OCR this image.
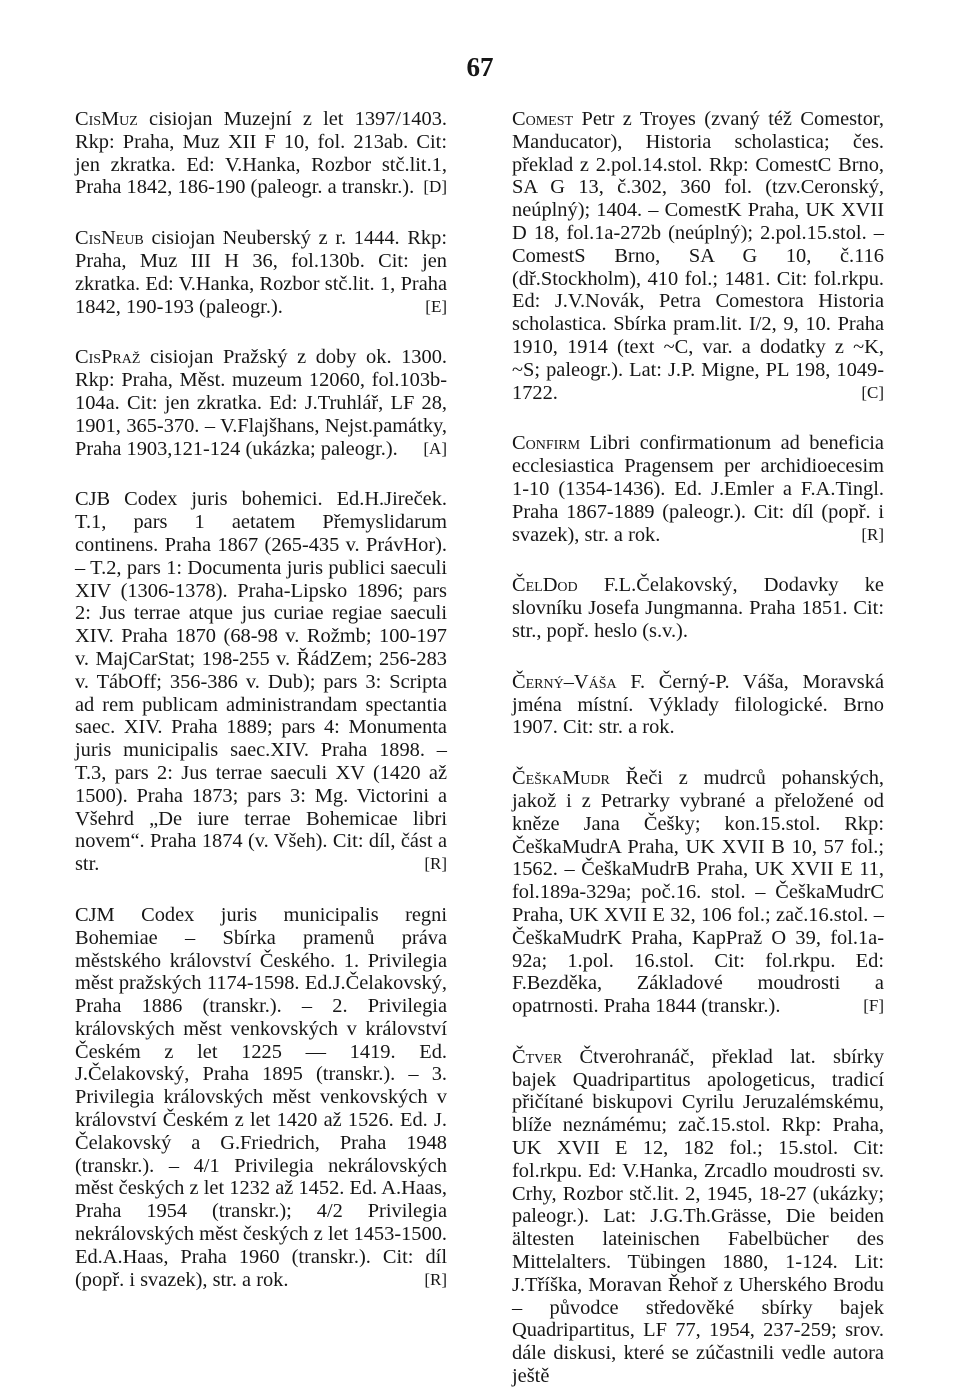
67

CisMuz cisiojan Muzejní z let 1397/1403. Rkp: Praha, Muz XII F 10, fol. 213ab. Cit: jen zkratka. Ed: V.Hanka, Rozbor stč.lit.1, Praha 1842, 186-190 (paleogr. a transkr.). [D]

CisNeub cisiojan Neuberský z r. 1444. Rkp: Praha, Muz III H 36, fol.130b. Cit: jen zkratka. Ed: V.Hanka, Rozbor stč.lit. 1, Praha 1842, 190-193 (paleogr.).	[E]

CisPraž cisiojan Pražský z doby ok. 1300. Rkp: Praha, Měst. muzeum 12060, fol.103b-104a. Cit: jen zkratka. Ed: J.Truhlář, LF 28, 1901, 365-370. – V.Flajšhans, Nejst.památky, Praha 1903,121-124 (ukázka; paleogr.).	[A]

CJB Codex juris bohemici. Ed.H.Jireček. T.1, pars 1 aetatem Přemyslidarum continens. Praha 1867 (265-435 v. PrávHor). – T.2, pars 1: Documenta juris publici saeculi XIV (1306-1378). Praha-Lipsko 1896; pars 2: Jus terrae atque jus curiae regiae saeculi XIV. Praha 1870 (68-98 v. Rožmb; 100-197 v. MajCarStat; 198-255 v. ŘádZem; 256-283 v. TábOff; 356-386 v. Dub); pars 3: Scripta ad rem publicam administrandam spectantia saec. XIV. Praha 1889; pars 4: Monumenta juris municipalis saec.XIV. Praha 1898. – T.3, pars 2: Jus terrae saeculi XV (1420 až 1500). Praha 1873; pars 3: Mg. Victorini a Všehrd „De iure terrae Bohemicae libri novem“. Praha 1874 (v. Všeh). Cit: díl, část a str.	[R]

CJM Codex juris municipalis regni Bohemiae – Sbírka pramenů práva městského království Českého. 1. Privilegia měst pražských 1174-1598. Ed.J.Čelakovský, Praha 1886 (transkr.). – 2. Privilegia královských měst venkovských v království Českém z let 1225 — 1419. Ed. J.Čelakovský, Praha 1895 (transkr.). – 3. Privilegia královských měst venkovských v království Českém z let 1420 až 1526. Ed. J. Čelakovský a G.Friedrich, Praha 1948 (transkr.). – 4/1 Privilegia nekrálovských měst českých z let 1232 až 1452. Ed. A.Haas, Praha 1954 (transkr.); 4/2 Privilegia nekrálovských měst českých z let 1453-1500. Ed.A.Haas, Praha 1960 (transkr.). Cit: díl (popř. i svazek), str. a rok.	[R]

Comest Petr z Troyes (zvaný též Comestor, Manducator), Historia scholastica; čes. překlad z 2.pol.14.stol. Rkp: ComestC Brno, SA G 13, č.302, 360 fol. (tzv.Ceronský, neúplný); 1404. – ComestK Praha, UK XVII D 18, fol.1a-272b (neúplný); 2.pol.15.stol. – ComestS Brno, SA G 10, č.116 (dř.Stockholm), 410 fol.; 1481. Cit: fol.rkpu. Ed: J.V.Novák, Petra Comestora Historia scholastica. Sbírka pram.lit. I/2, 9, 10. Praha 1910, 1914 (text ~C, var. a dodatky z ~K, ~S; paleogr.). Lat: J.P. Migne, PL 198, 1049-1722.	[C]

Confirm Libri confirmationum ad beneficia ecclesiastica Pragensem per archidioecesim 1-10 (1354-1436). Ed. J.Emler a F.A.Tingl. Praha 1867-1889 (paleogr.). Cit: díl (popř. i svazek), str. a rok.	[R]

ČelDod F.L.Čelakovský, Dodavky ke slovníku Josefa Jungmanna. Praha 1851. Cit: str., popř. heslo (s.v.).

Černý–Váša F. Černý-P. Váša, Moravská jména místní. Výklady filologické. Brno 1907. Cit: str. a rok.

ČeškaMudr Řeči z mudrců pohanských, jakož i z Petrarky vybrané a přeložené od kněze Jana Češky; kon.15.stol. Rkp: ČeškaMudrA Praha, UK XVII B 10, 57 fol.; 1562. – ČeškaMudrB Praha, UK XVII E 11, fol.189a-329a; poč.16. stol. – ČeškaMudrC Praha, UK XVII E 32, 106 fol.; zač.16.stol. – ČeškaMudrK Praha, KapPraž O 39, fol.1a-92a; 1.pol. 16.stol. Cit: fol.rkpu. Ed: F.Bezděka, Základové moudrosti a opatrnosti. Praha 1844 (transkr.).	[F]

Čtver Čtverohranáč, překlad lat. sbírky bajek Quadripartitus apologeticus, tradicí přičítané biskupovi Cyrilu Jeruzalémskému, blíže neznámému; zač.15.stol. Rkp: Praha, UK XVII E 12, 182 fol.; 15.stol. Cit: fol.rkpu. Ed: V.Hanka, Zrcadlo moudrosti sv. Crhy, Rozbor stč.lit. 2, 1945, 18-27 (ukázky; paleogr.). Lat: J.G.Th.Grässe, Die beiden ältesten lateinischen Fabelbücher des Mittelalters. Tübingen 1880, 1-124. Lit: J.Tříška, Moravan Řehoř z Uherského Brodu – původce středověké sbírky bajek Quadripartitus, LF 77, 1954, 237-259; srov. dále diskusi, které se zúčastnili vedle autora ještě
